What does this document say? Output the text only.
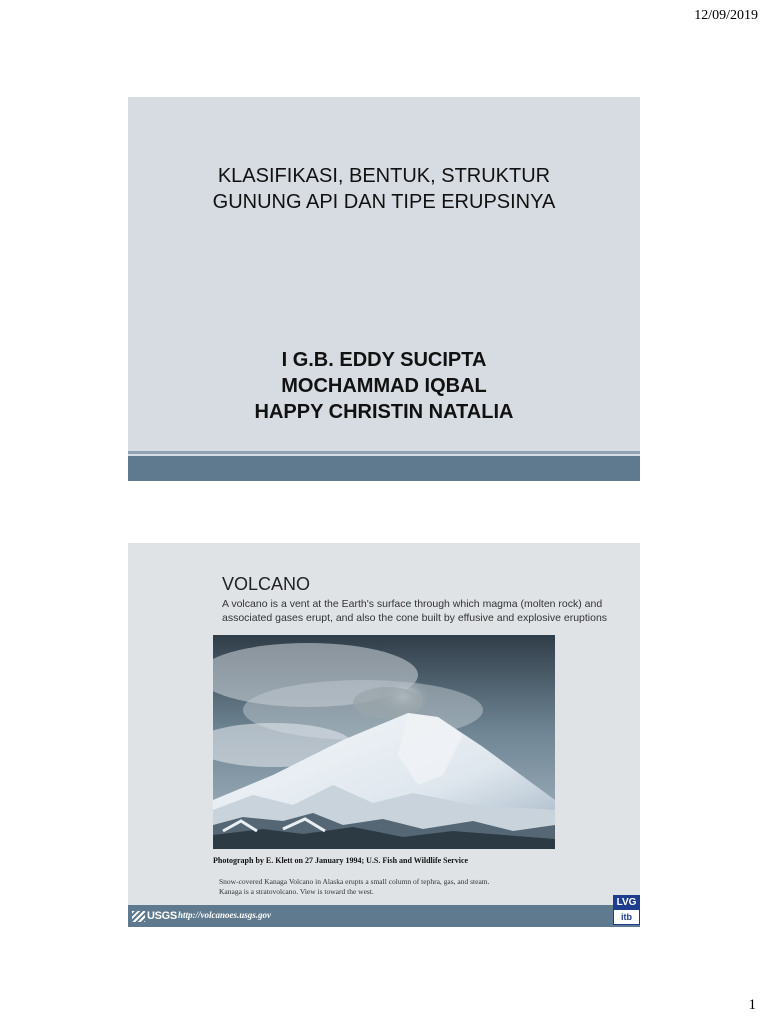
12/09/2019
KLASIFIKASI, BENTUK, STRUKTUR
GUNUNG API DAN TIPE ERUPSINYA
I G.B. EDDY SUCIPTA
MOCHAMMAD IQBAL
HAPPY CHRISTIN NATALIA
VOLCANO
A volcano is a vent at the Earth's surface through which magma (molten rock) and associated gases erupt, and also the cone built by effusive and explosive eruptions
Photograph by E. Klett on 27 January 1994; U.S. Fish and Wildlife Service
Snow-covered Kanaga Volcano in Alaska erupts a small column of tephra, gas, and steam.
Kanaga is a stratovolcano. View is toward the west.
USGS http://volcanoes.usgs.gov
LVG
itb
1
